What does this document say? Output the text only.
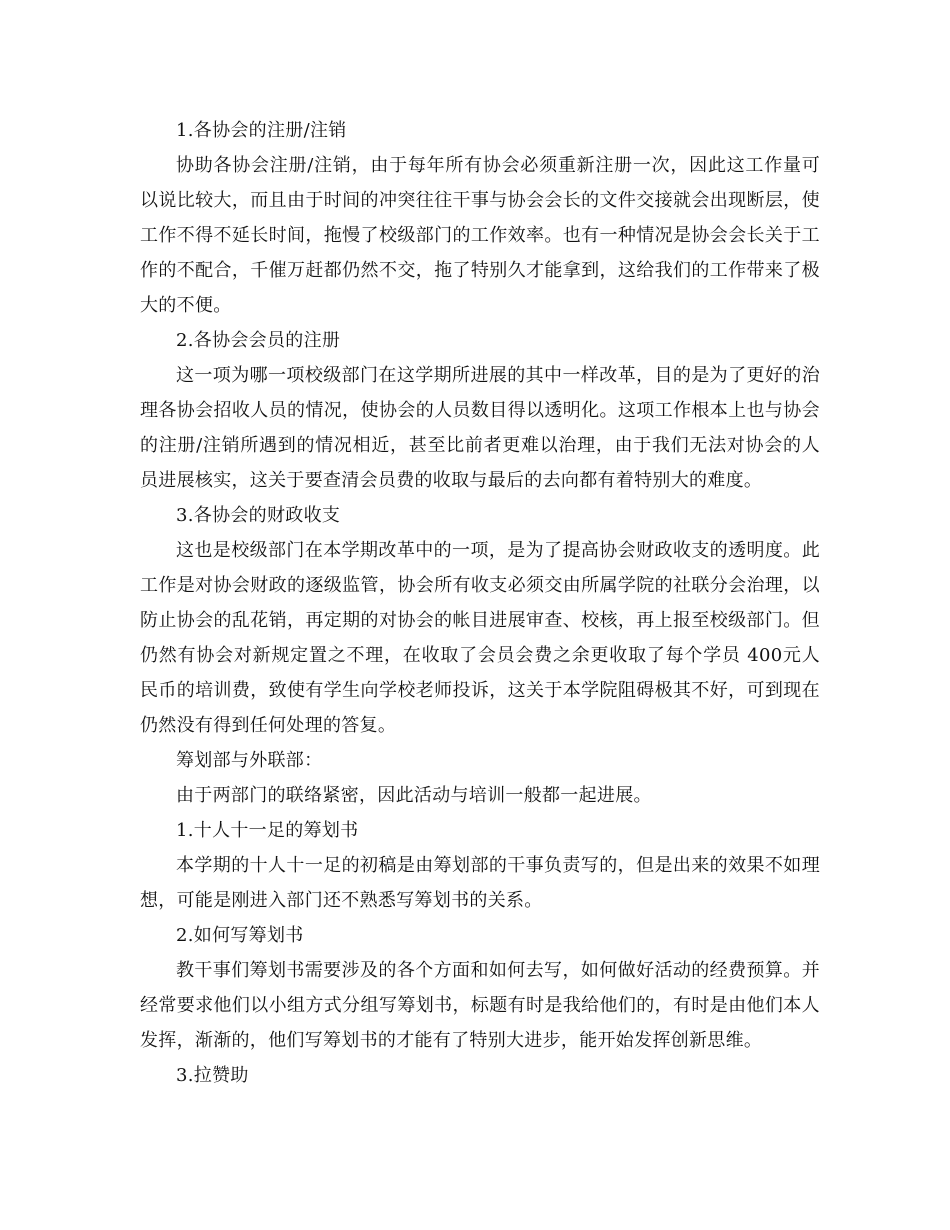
1.各协会的注册/注销

协助各协会注册/注销，由于每年所有协会必须重新注册一次，因此这工作量可以说比较大，而且由于时间的冲突往往干事与协会会长的文件交接就会出现断层，使工作不得不延长时间，拖慢了校级部门的工作效率。也有一种情况是协会会长关于工作的不配合，千催万赶都仍然不交，拖了特别久才能拿到，这给我们的工作带来了极大的不便。

2.各协会会员的注册

这一项为哪一项校级部门在这学期所进展的其中一样改革，目的是为了更好的治理各协会招收人员的情况，使协会的人员数目得以透明化。这项工作根本上也与协会的注册/注销所遇到的情况相近，甚至比前者更难以治理，由于我们无法对协会的人员进展核实，这关于要查清会员费的收取与最后的去向都有着特别大的难度。

3.各协会的财政收支

这也是校级部门在本学期改革中的一项，是为了提高协会财政收支的透明度。此工作是对协会财政的逐级监管，协会所有收支必须交由所属学院的社联分会治理，以防止协会的乱花销，再定期的对协会的帐目进展审查、校核，再上报至校级部门。但仍然有协会对新规定置之不理，在收取了会员会费之余更收取了每个学员 400元人民币的培训费，致使有学生向学校老师投诉，这关于本学院阻碍极其不好，可到现在仍然没有得到任何处理的答复。

筹划部与外联部：

由于两部门的联络紧密，因此活动与培训一般都一起进展。

1.十人十一足的筹划书

本学期的十人十一足的初稿是由筹划部的干事负责写的，但是出来的效果不如理想，可能是刚进入部门还不熟悉写筹划书的关系。

2.如何写筹划书

教干事们筹划书需要涉及的各个方面和如何去写，如何做好活动的经费预算。并经常要求他们以小组方式分组写筹划书，标题有时是我给他们的，有时是由他们本人发挥，渐渐的，他们写筹划书的才能有了特别大进步，能开始发挥创新思维。

3.拉赞助
